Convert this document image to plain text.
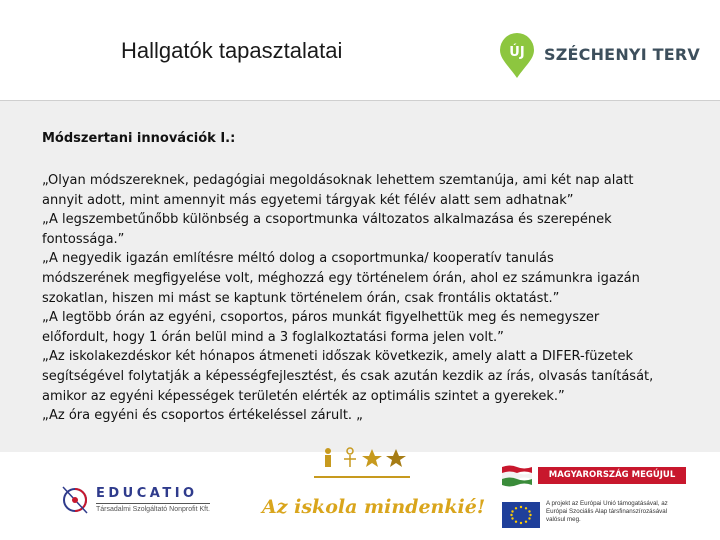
Hallgatók tapasztalatai	ÚJ SZÉCHENYI TERV
Módszertani innovációk I.:
„Olyan módszereknek, pedagógiai megoldásoknak lehettem szemtanúja, ami két nap alatt
annyit adott, mint amennyit más egyetemi tárgyak két félév alatt sem adhatnak”
„A legszembetűnőbb különbség a csoportmunka változatos alkalmazása és szerepének
fontossága.”
„A negyedik igazán említésre méltó dolog a csoportmunka/ kooperatív tanulás
módszerének megfigyelése volt, méghozzá egy történelem órán, ahol ez számunkra igazán
szokatlan, hiszen mi mást se kaptunk történelem órán, csak frontális oktatást.”
„A legtöbb órán az egyéni, csoportos, páros munkát figyelhettük meg és nemegyszer
előfordult, hogy 1 órán belül mind a 3 foglalkoztatási forma jelen volt.”
„Az iskolakezdéskor két hónapos átmeneti időszak következik, amely alatt a DIFER-füzetek
segítségével folytatják a képességfejlesztést, és csak azután kezdik az írás, olvasás tanítását,
amikor az egyéni képességek területén elérték az optimális szintet a gyerekek.”
„Az óra egyéni és csoportos értékeléssel zárult. „
EDUCATIO
Társadalmi Szolgáltató Nonprofit Kft.	Az iskola mindenkié!
MAGYARORSZÁG MEGÚJUL
A projekt az Európai Unió támogatásával, az Európai Szociális Alap társfinanszírozásával valósul meg.
